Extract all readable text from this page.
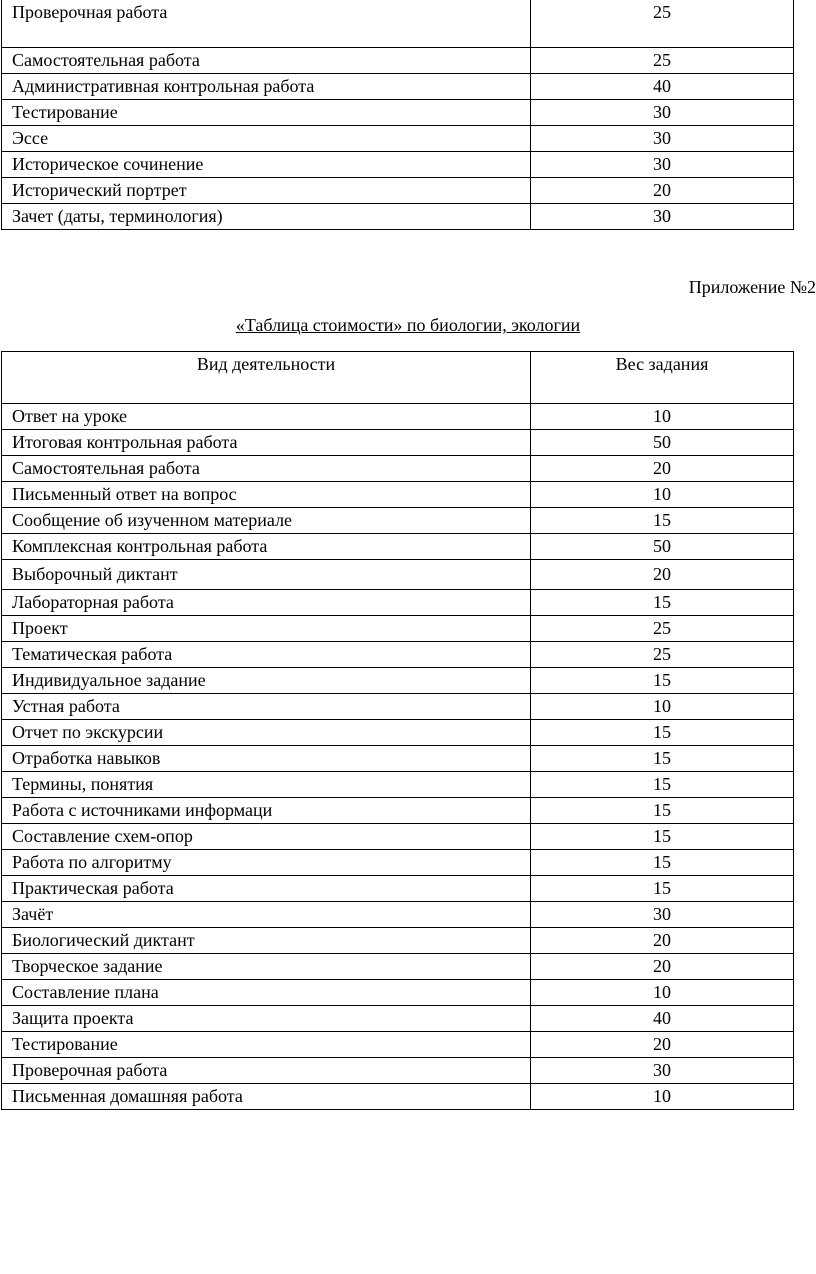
Проверочная работа	25
Самостоятельная работа	25
Административная контрольная работа	40
Тестирование	30
Эссе	30
Историческое сочинение	30
Исторический портрет	20
Зачет (даты, терминология)	30
Приложение №2
«Таблица стоимости» по биологии, экологии
Вид деятельности	Вес задания
Ответ на уроке	10
Итоговая контрольная работа	50
Самостоятельная работа	20
Письменный ответ на вопрос	10
Сообщение об изученном материале	15
Комплексная контрольная работа	50
Выборочный диктант	20
Лабораторная работа	15
Проект	25
Тематическая работа	25
Индивидуальное задание	15
Устная работа	10
Отчет по экскурсии	15
Отработка навыков	15
Термины, понятия	15
Работа с источниками информаци	15
Составление схем-опор	15
Работа по алгоритму	15
Практическая работа	15
Зачёт	30
Биологический диктант	20
Творческое задание	20
Составление плана	10
Защита проекта	40
Тестирование	20
Проверочная работа	30
Письменная домашняя работа	10
